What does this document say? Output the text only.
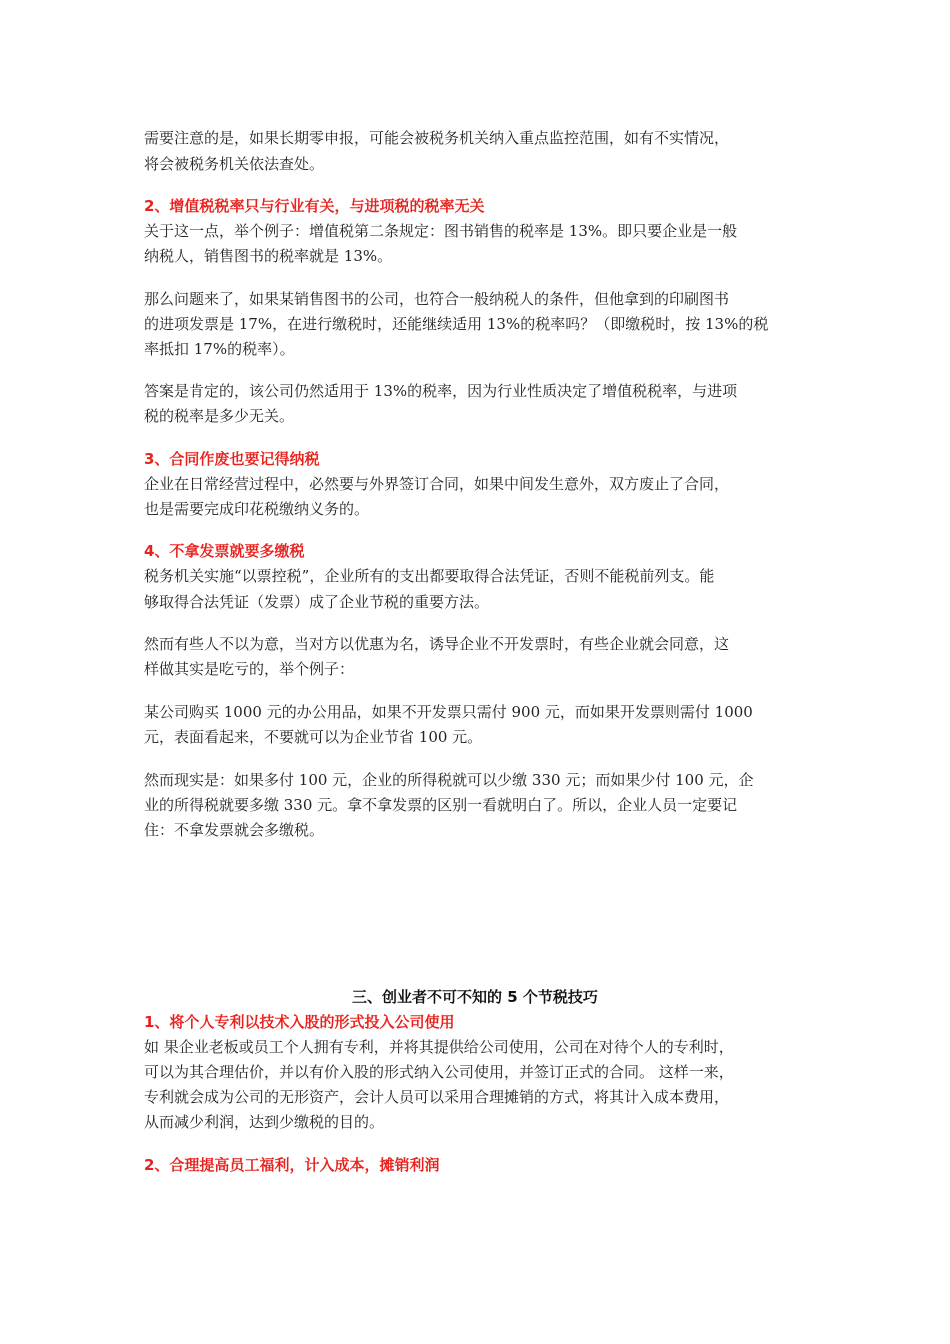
需要注意的是，如果长期零申报，可能会被税务机关纳入重点监控范围，如有不实情况，
将会被税务机关依法查处。
2、增值税税率只与行业有关，与进项税的税率无关
关于这一点，举个例子：增值税第二条规定：图书销售的税率是 13%。即只要企业是一般
纳税人，销售图书的税率就是 13%。
那么问题来了，如果某销售图书的公司，也符合一般纳税人的条件，但他拿到的印刷图书
的进项发票是 17%，在进行缴税时，还能继续适用 13%的税率吗？（即缴税时，按 13%的税
率抵扣 17%的税率）。
答案是肯定的，该公司仍然适用于 13%的税率，因为行业性质决定了增值税税率，与进项
税的税率是多少无关。
3、合同作废也要记得纳税
企业在日常经营过程中，必然要与外界签订合同，如果中间发生意外，双方废止了合同，
也是需要完成印花税缴纳义务的。
4、不拿发票就要多缴税
税务机关实施“以票控税”，企业所有的支出都要取得合法凭证，否则不能税前列支。能
够取得合法凭证（发票）成了企业节税的重要方法。
然而有些人不以为意，当对方以优惠为名，诱导企业不开发票时，有些企业就会同意，这
样做其实是吃亏的，举个例子：
某公司购买 1000 元的办公用品，如果不开发票只需付 900 元，而如果开发票则需付 1000
元，表面看起来，不要就可以为企业节省 100 元。
然而现实是：如果多付 100 元，企业的所得税就可以少缴 330 元；而如果少付 100 元，企
业的所得税就要多缴 330 元。拿不拿发票的区别一看就明白了。所以，企业人员一定要记
住：不拿发票就会多缴税。
三、创业者不可不知的 5 个节税技巧
1、将个人专利以技术入股的形式投入公司使用
如 果企业老板或员工个人拥有专利，并将其提供给公司使用，公司在对待个人的专利时，
可以为其合理估价，并以有价入股的形式纳入公司使用，并签订正式的合同。 这样一来，
专利就会成为公司的无形资产，会计人员可以采用合理摊销的方式，将其计入成本费用，
从而减少利润，达到少缴税的目的。
2、合理提高员工福利，计入成本，摊销利润
